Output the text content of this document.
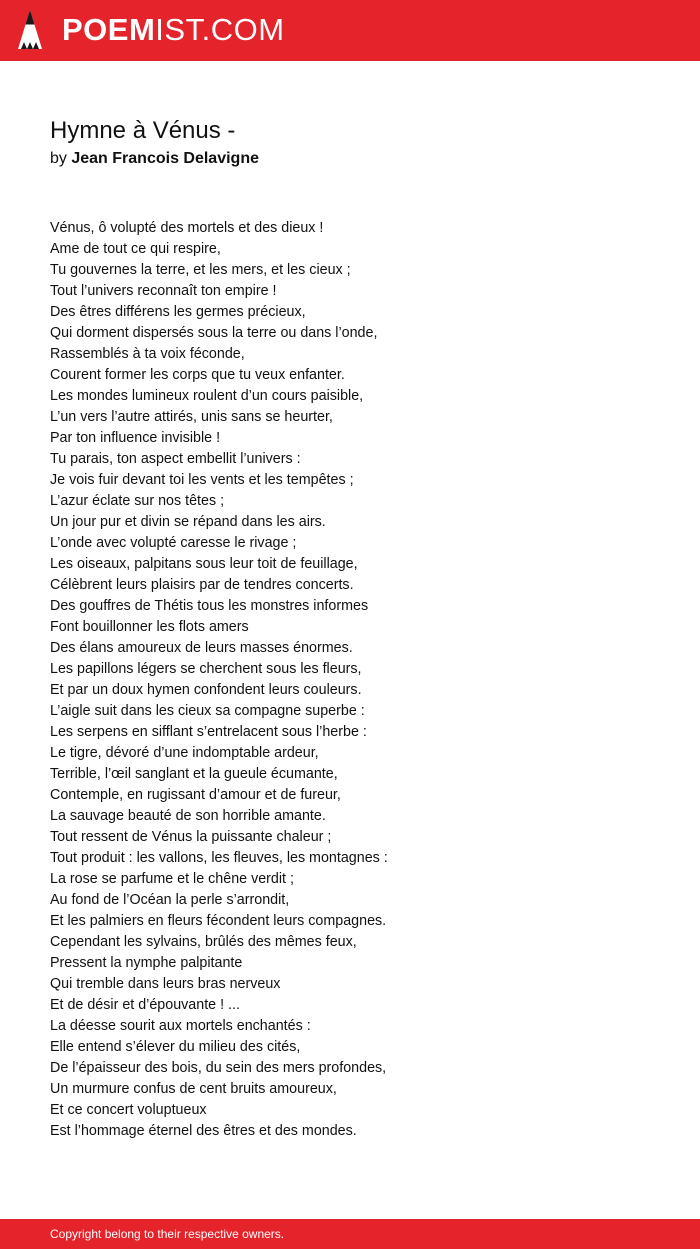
POEMIST.COM
Hymne à Vénus -
by Jean Francois Delavigne
Vénus, ô volupté des mortels et des dieux !
Ame de tout ce qui respire,
Tu gouvernes la terre, et les mers, et les cieux ;
Tout l’univers reconnaît ton empire !
Des êtres différens les germes précieux,
Qui dorment dispersés sous la terre ou dans l’onde,
Rassemblés à ta voix féconde,
Courent former les corps que tu veux enfanter.
Les mondes lumineux roulent d’un cours paisible,
L’un vers l’autre attirés, unis sans se heurter,
Par ton influence invisible !
Tu parais, ton aspect embellit l’univers :
Je vois fuir devant toi les vents et les tempêtes ;
L’azur éclate sur nos têtes ;
Un jour pur et divin se répand dans les airs.
L’onde avec volupté caresse le rivage ;
Les oiseaux, palpitans sous leur toit de feuillage,
Célèbrent leurs plaisirs par de tendres concerts.
Des gouffres de Thétis tous les monstres informes
Font bouillonner les flots amers
Des élans amoureux de leurs masses énormes.
Les papillons légers se cherchent sous les fleurs,
Et par un doux hymen confondent leurs couleurs.
L’aigle suit dans les cieux sa compagne superbe :
Les serpens en sifflant s’entrelacent sous l’herbe :
Le tigre, dévoré d’une indomptable ardeur,
Terrible, l’œil sanglant et la gueule écumante,
Contemple, en rugissant d’amour et de fureur,
La sauvage beauté de son horrible amante.
Tout ressent de Vénus la puissante chaleur ;
Tout produit : les vallons, les fleuves, les montagnes :
La rose se parfume et le chêne verdit ;
Au fond de l’Océan la perle s’arrondit,
Et les palmiers en fleurs fécondent leurs compagnes.
Cependant les sylvains, brûlés des mêmes feux,
Pressent la nymphe palpitante
Qui tremble dans leurs bras nerveux
Et de désir et d’épouvante ! ...
La déesse sourit aux mortels enchantés :
Elle entend s’élever du milieu des cités,
De l’épaisseur des bois, du sein des mers profondes,
Un murmure confus de cent bruits amoureux,
Et ce concert voluptueux
Est l’hommage éternel des êtres et des mondes.
Copyright belong to their respective owners.
